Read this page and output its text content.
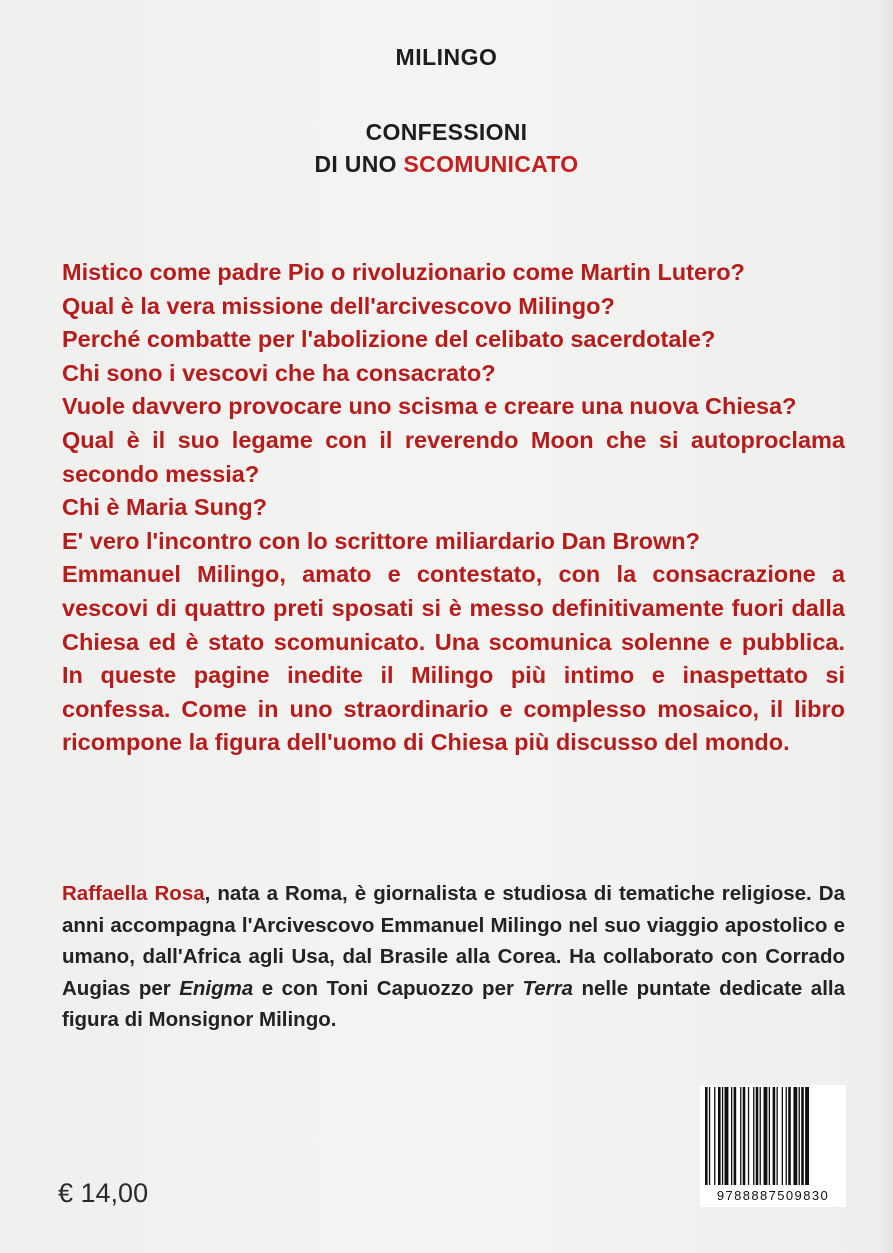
MILINGO
CONFESSIONI
DI UNO SCOMUNICATO

Mistico come padre Pio o rivoluzionario come Martin Lutero?

Qual è la vera missione dell'arcivescovo Milingo?

Perché combatte per l'abolizione del celibato sacerdotale?

Chi sono i vescovi che ha consacrato?

Vuole davvero provocare uno scisma e creare una nuova Chiesa?

Qual è il suo legame con il reverendo Moon che si autoproclama

secondo messia?

Chi è Maria Sung?

E' vero l'incontro con lo scrittore miliardario Dan Brown?

Emmanuel Milingo, amato e contestato, con la consacrazione a vescovi di quattro preti sposati si è messo definitivamente fuori dalla Chiesa ed è stato scomunicato. Una scomunica solenne e pubblica. In queste pagine inedite il Milingo più intimo e inaspettato si confessa. Come in uno straordinario e complesso mosaico, il libro ricompone la figura dell'uomo di Chiesa più discusso del mondo.

Raffaella Rosa, nata a Roma, è giornalista e studiosa di tematiche religiose. Da anni accompagna l'Arcivescovo Emmanuel Milingo nel suo viaggio apostolico e umano, dall'Africa agli Usa, dal Brasile alla Corea. Ha collaborato con Corrado Augias per Enigma e con Toni Capuozzo per Terra nelle puntate dedicate alla figura di Monsignor Milingo.
€ 14,00	9788887509830
